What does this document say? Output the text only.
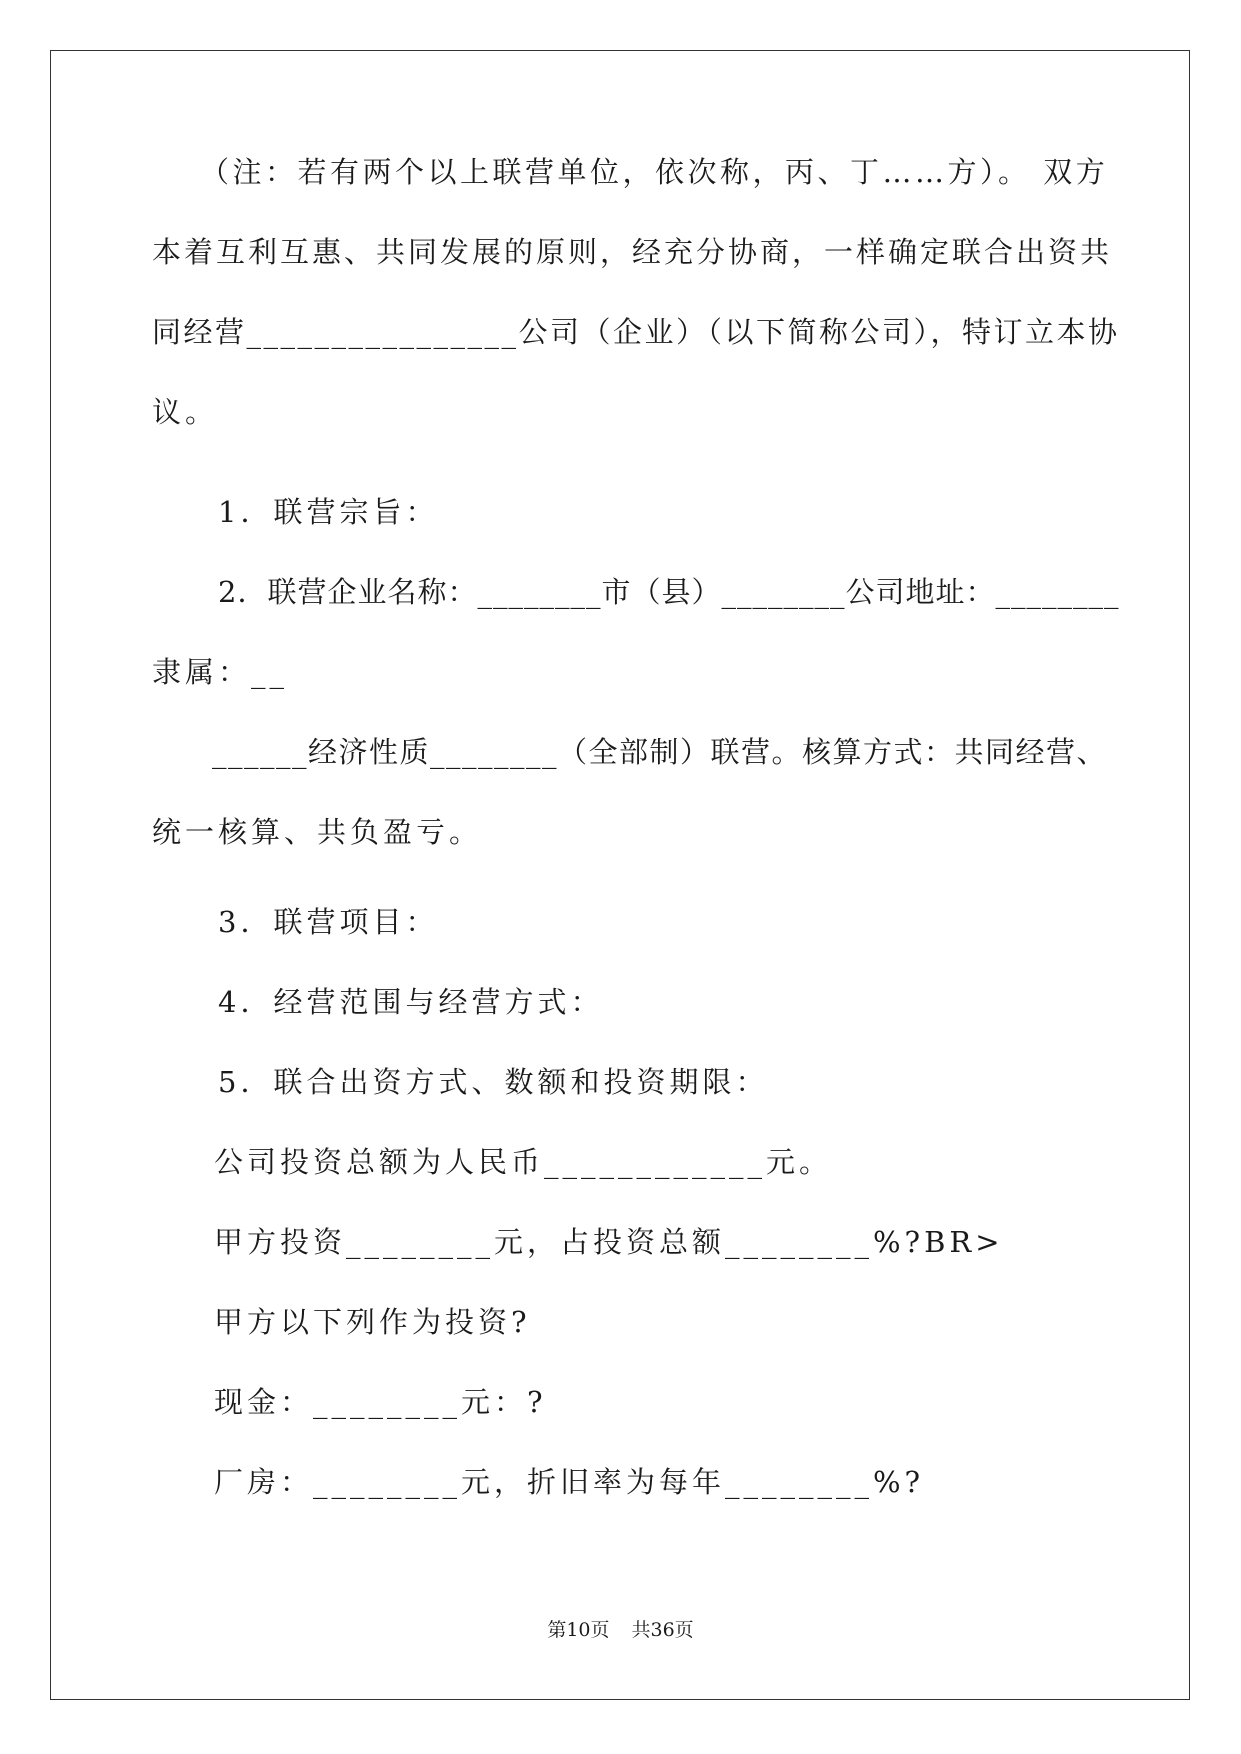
（注：若有两个以上联营单位，依次称，丙、丁……方）。 双方

本着互利互惠、共同发展的原则，经充分协商，一样确定联合出资共

同经营________________公司（企业）（以下简称公司），特订立本协

议。

1．联营宗旨：

2．联营企业名称：________市（县）________公司地址：________

隶属：__

______经济性质________（全部制）联营。核算方式：共同经营、

统一核算、共负盈亏。

3．联营项目：

4．经营范围与经营方式：

5．联合出资方式、数额和投资期限：

公司投资总额为人民币____________元。

甲方投资________元，占投资总额________%?BR>

甲方以下列作为投资?

现金：________元：?

厂房：________元，折旧率为每年________%?

第10页 共36页
